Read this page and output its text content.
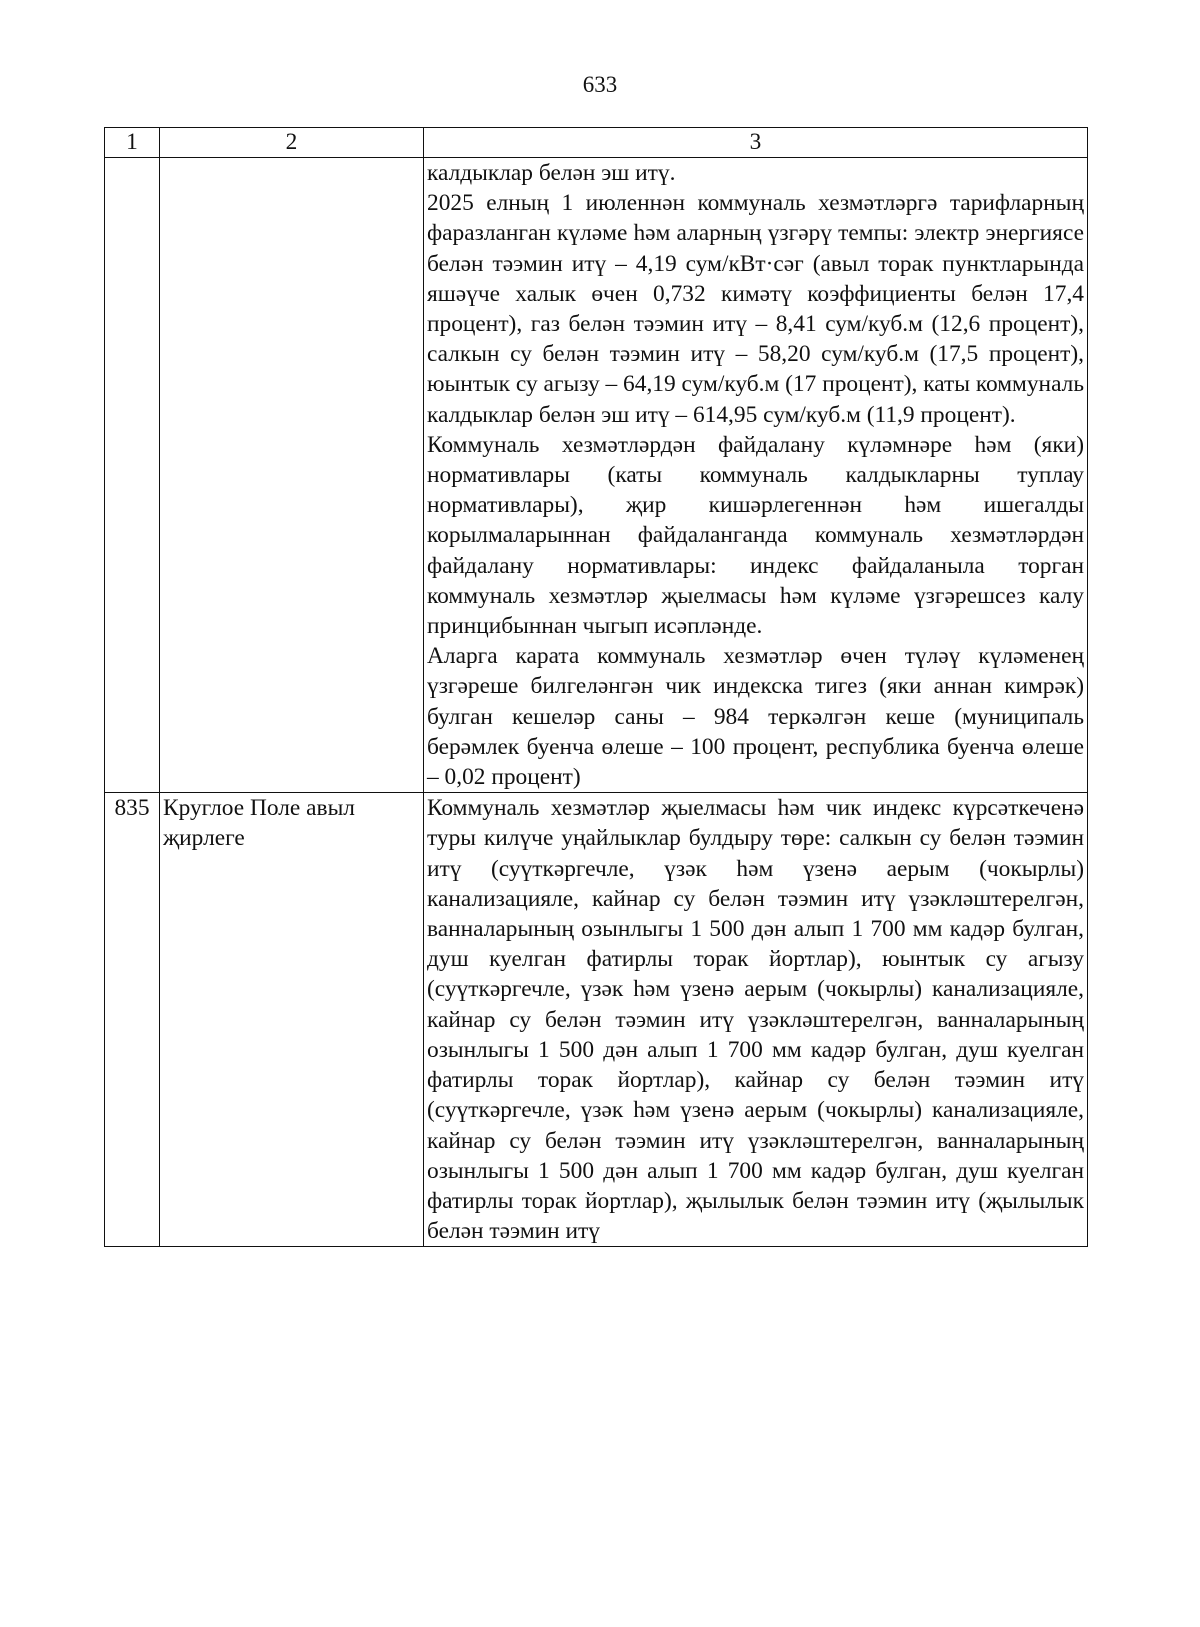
633
1	2	3

		калдыклар белән эш итү.
2025 елның 1 июленнән коммуналь хезмәтләргә тарифларның фаразланган күләме һәм аларның үзгәрү темпы: электр энергиясе белән тәэмин итү – 4,19 сум/кВт·сәг (авыл торак пунктларында яшәүче халык өчен 0,732 кимәтү коэффициенты белән 17,4 процент), газ белән тәэмин итү – 8,41 сум/куб.м (12,6 процент), салкын су белән тәэмин итү – 58,20 сум/куб.м (17,5 процент), юынтык су агызу – 64,19 сум/куб.м (17 процент), каты коммуналь калдыклар белән эш итү – 614,95 сум/куб.м (11,9 процент).
Коммуналь хезмәтләрдән файдалану күләмнәре һәм (яки) нормативлары (каты коммуналь калдыкларны туплау нормативлары), җир кишәрлегеннән һәм ишегалды корылмаларыннан файдаланганда коммуналь хезмәтләрдән файдалану нормативлары: индекс файдаланыла торган коммуналь хезмәтләр җыелмасы һәм күләме үзгәрешсез калу принцибыннан чыгып исәпләнде.
Аларга карата коммуналь хезмәтләр өчен түләү күләменең үзгәреше билгеләнгән чик индекска тигез (яки аннан кимрәк) булган кешеләр саны – 984 теркәлгән кеше (муниципаль берәмлек буенча өлеше – 100 процент, республика буенча өлеше – 0,02 процент)

835	Круглое Поле авыл җирлеге	Коммуналь хезмәтләр җыелмасы һәм чик индекс күрсәткеченә туры килүче уңайлыклар булдыру төре: салкын су белән тәэмин итү (суүткәргечле, үзәк һәм үзенә аерым (чокырлы) канализацияле, кайнар су белән тәэмин итү үзәкләштерелгән, ванналарының озынлыгы 1 500 дән алып 1 700 мм кадәр булган, душ куелган фатирлы торак йортлар), юынтык су агызу (суүткәргечле, үзәк һәм үзенә аерым (чокырлы) канализацияле, кайнар су белән тәэмин итү үзәкләштерелгән, ванналарының озынлыгы 1 500 дән алып 1 700 мм кадәр булган, душ куелган фатирлы торак йортлар), кайнар су белән тәэмин итү (суүткәргечле, үзәк һәм үзенә аерым (чокырлы) канализацияле, кайнар су белән тәэмин итү үзәкләштерелгән, ванналарының озынлыгы 1 500 дән алып 1 700 мм кадәр булган, душ куелган фатирлы торак йортлар), җылылык белән тәэмин итү (җылылык белән тәэмин итү
